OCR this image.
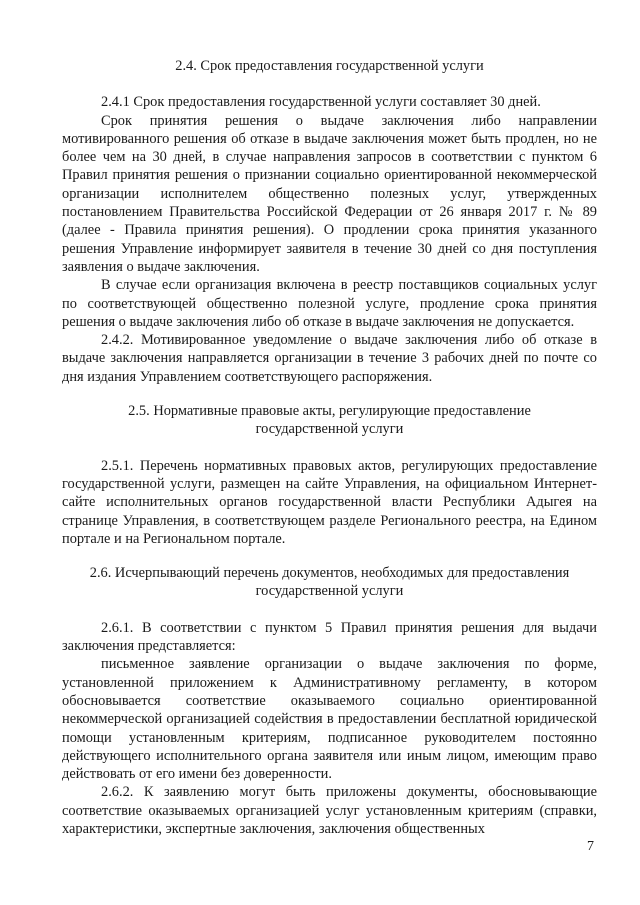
2.4. Срок предоставления государственной услуги

2.4.1 Срок предоставления государственной услуги составляет 30 дней.

Срок принятия решения о выдаче заключения либо направлении мотивированного решения об отказе в выдаче заключения может быть продлен, но не более чем на 30 дней, в случае направления запросов в соответствии с пунктом 6 Правил принятия решения о признании социально ориентированной некоммерческой организации исполнителем общественно полезных услуг, утвержденных постановлением Правительства Российской Федерации от 26 января 2017 г. № 89 (далее - Правила принятия решения). О продлении срока принятия указанного решения Управление информирует заявителя в течение 30 дней со дня поступления заявления о выдаче заключения.

В случае если организация включена в реестр поставщиков социальных услуг по соответствующей общественно полезной услуге, продление срока принятия решения о выдаче заключения либо об отказе в выдаче заключения не допускается.

2.4.2. Мотивированное уведомление о выдаче заключения либо об отказе в выдаче заключения направляется организации в течение 3 рабочих дней по почте со дня издания Управлением соответствующего распоряжения.

2.5. Нормативные правовые акты, регулирующие предоставление
государственной услуги

2.5.1. Перечень нормативных правовых актов, регулирующих предоставление государственной услуги, размещен на сайте Управления, на официальном Интернет-сайте исполнительных органов государственной власти Республики Адыгея на странице Управления, в соответствующем разделе Регионального реестра, на Едином портале и на Региональном портале.

2.6. Исчерпывающий перечень документов, необходимых для предоставления
государственной услуги

2.6.1. В соответствии с пунктом 5 Правил принятия решения для выдачи заключения представляется:

письменное заявление организации о выдаче заключения по форме, установленной приложением к Административному регламенту, в котором обосновывается соответствие оказываемого социально ориентированной некоммерческой организацией содействия в предоставлении бесплатной юридической помощи установленным критериям, подписанное руководителем постоянно действующего исполнительного органа заявителя или иным лицом, имеющим право действовать от его имени без доверенности.

2.6.2. К заявлению могут быть приложены документы, обосновывающие соответствие оказываемых организацией услуг установленным критериям (справки, характеристики, экспертные заключения, заключения общественных

7
